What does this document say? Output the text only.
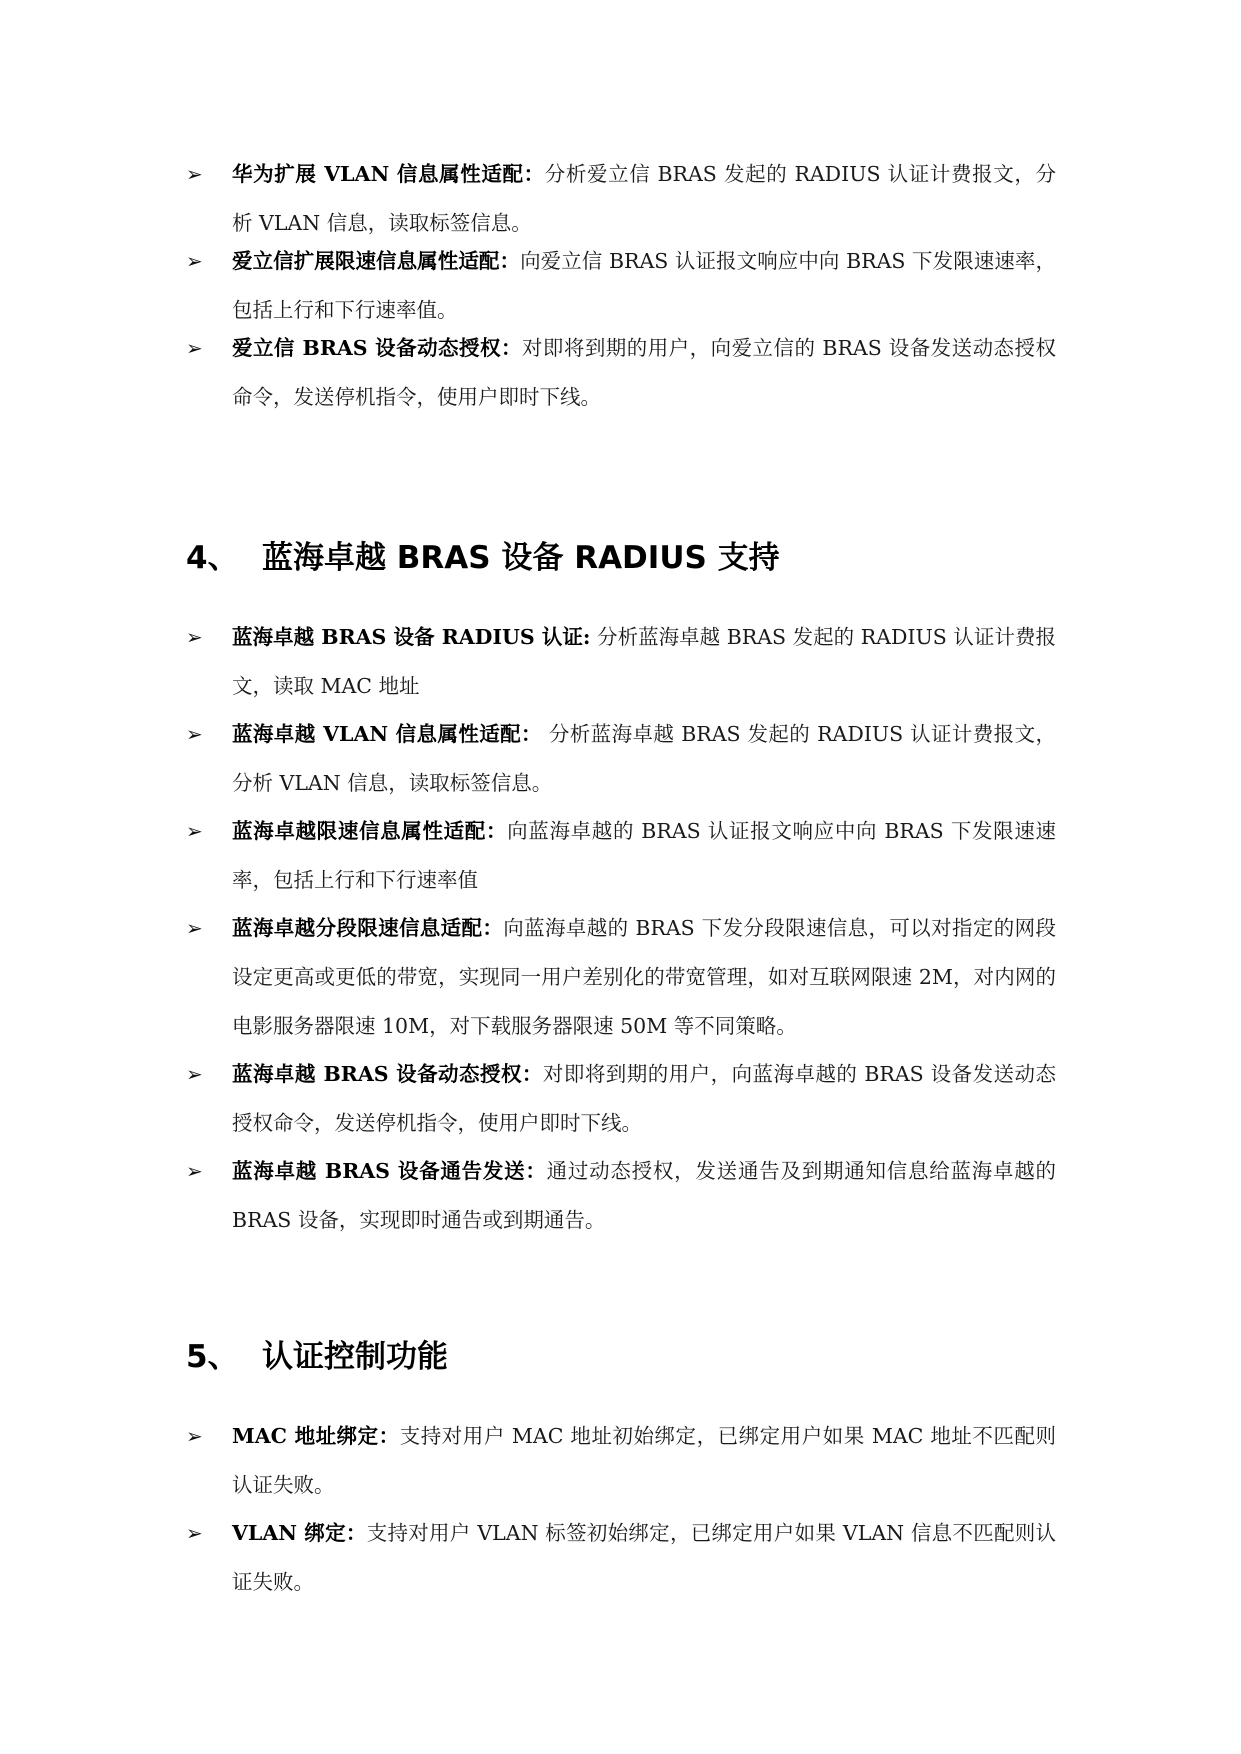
➢ 华为扩展 VLAN 信息属性适配：分析爱立信 BRAS 发起的 RADIUS 认证计费报文，分析 VLAN 信息，读取标签信息。
➢ 爱立信扩展限速信息属性适配：向爱立信 BRAS 认证报文响应中向 BRAS 下发限速速率，包括上行和下行速率值。
➢ 爱立信 BRAS 设备动态授权：对即将到期的用户，向爱立信的 BRAS 设备发送动态授权命令，发送停机指令，使用户即时下线。
4、 蓝海卓越 BRAS 设备 RADIUS 支持
➢ 蓝海卓越 BRAS 设备 RADIUS 认证: 分析蓝海卓越 BRAS 发起的 RADIUS 认证计费报文，读取 MAC 地址
➢ 蓝海卓越 VLAN 信息属性适配： 分析蓝海卓越 BRAS 发起的 RADIUS 认证计费报文，分析 VLAN 信息，读取标签信息。
➢ 蓝海卓越限速信息属性适配：向蓝海卓越的 BRAS 认证报文响应中向 BRAS 下发限速速率，包括上行和下行速率值
➢ 蓝海卓越分段限速信息适配：向蓝海卓越的 BRAS 下发分段限速信息，可以对指定的网段设定更高或更低的带宽，实现同一用户差别化的带宽管理，如对互联网限速 2M，对内网的电影服务器限速 10M，对下载服务器限速 50M 等不同策略。
➢ 蓝海卓越 BRAS 设备动态授权：对即将到期的用户，向蓝海卓越的 BRAS 设备发送动态授权命令，发送停机指令，使用户即时下线。
➢ 蓝海卓越 BRAS 设备通告发送：通过动态授权，发送通告及到期通知信息给蓝海卓越的 BRAS 设备，实现即时通告或到期通告。
5、 认证控制功能
➢ MAC 地址绑定：支持对用户 MAC 地址初始绑定，已绑定用户如果 MAC 地址不匹配则认证失败。
➢ VLAN 绑定：支持对用户 VLAN 标签初始绑定，已绑定用户如果 VLAN 信息不匹配则认证失败。
